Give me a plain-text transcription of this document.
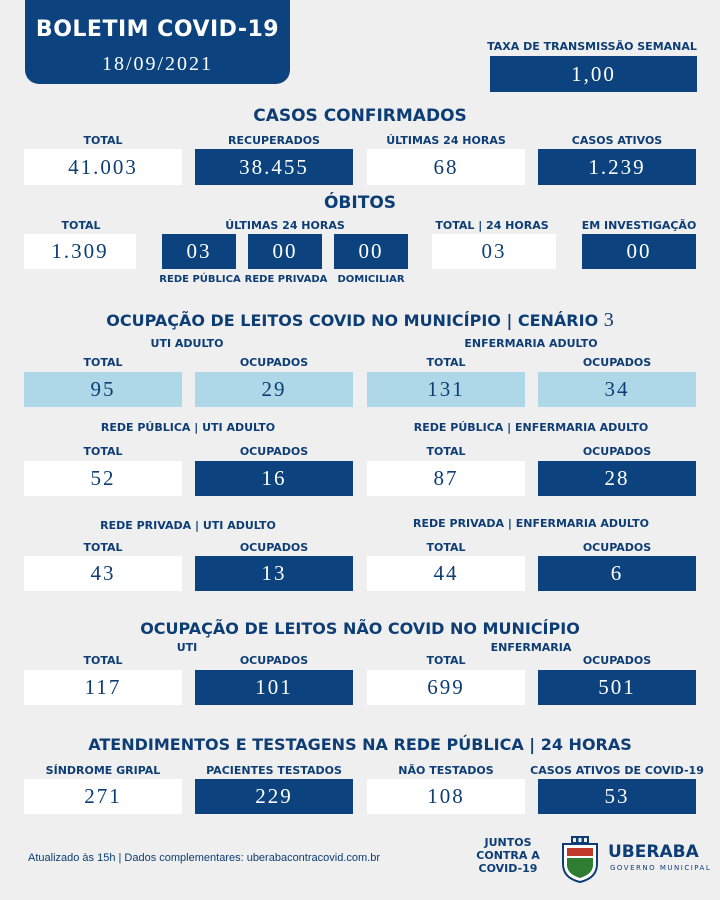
BOLETIM COVID-19
18/09/2021
TAXA DE TRANSMISSÃO SEMANAL
1,00
CASOS CONFIRMADOS
TOTAL	RECUPERADOS	ÚLTIMAS 24 HORAS	CASOS ATIVOS
41.003	38.455	68	1.239
ÓBITOS
TOTAL
1.309
ÚLTIMAS 24 HORAS
03	00	00
REDE PÚBLICA REDE PRIVADA DOMICILIAR
TOTAL | 24 HORAS
03
EM INVESTIGAÇÃO
00
OCUPAÇÃO DE LEITOS COVID NO MUNICÍPIO | CENÁRIO 3
UTI ADULTO	ENFERMARIA ADULTO
TOTAL	OCUPADOS	TOTAL	OCUPADOS
95	29	131	34
REDE PÚBLICA | UTI ADULTO	REDE PÚBLICA | ENFERMARIA ADULTO
TOTAL	OCUPADOS	TOTAL	OCUPADOS
52	16	87	28
REDE PRIVADA | UTI ADULTO	REDE PRIVADA | ENFERMARIA ADULTO
TOTAL	OCUPADOS	TOTAL	OCUPADOS
43	13	44	6
OCUPAÇÃO DE LEITOS NÃO COVID NO MUNICÍPIO
UTI	ENFERMARIA
TOTAL	OCUPADOS	TOTAL	OCUPADOS
117	101	699	501
ATENDIMENTOS E TESTAGENS NA REDE PÚBLICA | 24 HORAS
SÍNDROME GRIPAL	PACIENTES TESTADOS	NÃO TESTADOS	CASOS ATIVOS DE COVID-19
271	229	108	53
Atualizado às 15h | Dados complementares: uberabacontracovid.com.br
JUNTOS
CONTRA A
COVID-19
UBERABA
GOVERNO MUNICIPAL
